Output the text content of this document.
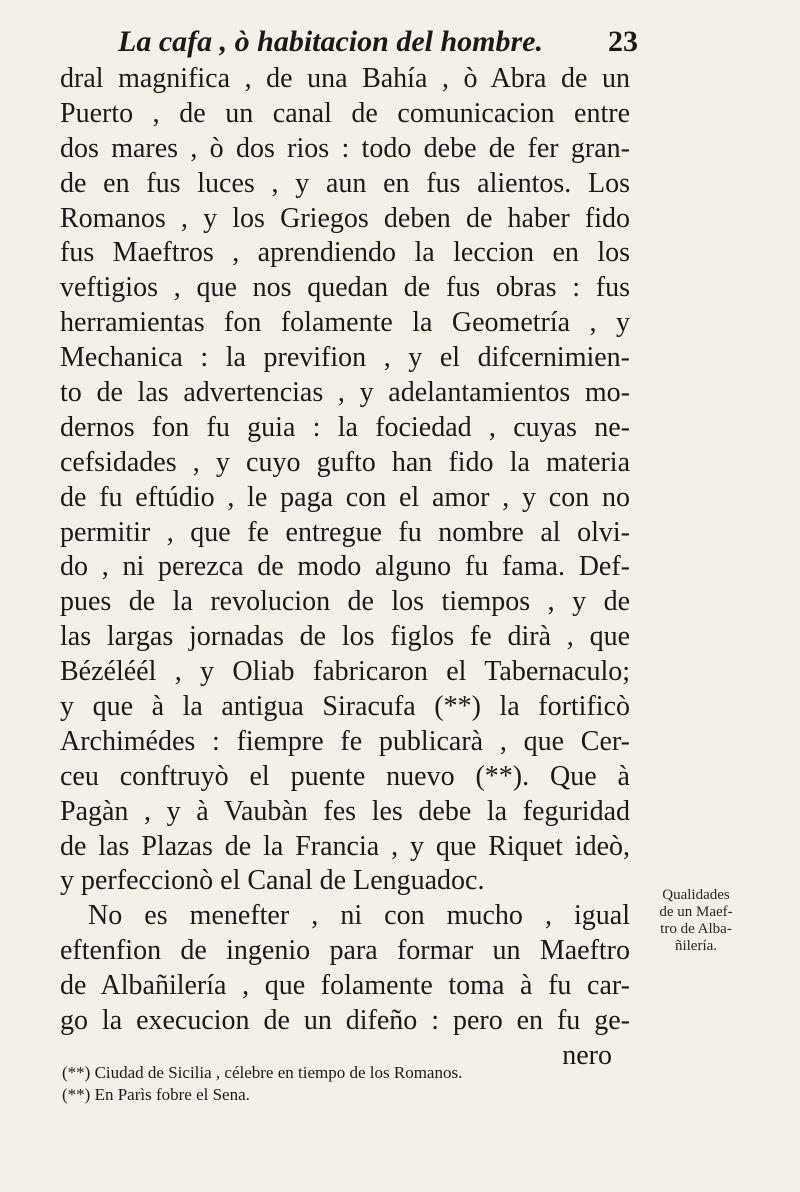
La cafa , ò habitacion del hombre. 23
dral magnifica , de una Bahía , ò Abra de un
Puerto , de un canal de comunicacion entre
dos mares , ò dos rios : todo debe de fer gran-
de en fus luces , y aun en fus alientos. Los
Romanos , y los Griegos deben de haber fido
fus Maeftros , aprendiendo la leccion en los
veftigios , que nos quedan de fus obras : fus
herramientas fon folamente la Geometría , y
Mechanica : la previfion , y el difcernimien-
to de las advertencias , y adelantamientos mo-
dernos fon fu guia : la fociedad , cuyas ne-
cefsidades , y cuyo gufto han fido la materia
de fu eftúdio , le paga con el amor , y con no
permitir , que fe entregue fu nombre al olvi-
do , ni perezca de modo alguno fu fama. Def-
pues de la revolucion de los tiempos , y de
las largas jornadas de los figlos fe dirà , que
Bézéléél , y Oliab fabricaron el Tabernaculo;
y que à la antigua Siracufa (**) la fortificò
Archimédes : fiempre fe publicarà , que Cer-
ceu conftruyò el puente nuevo (**). Que à
Pagàn , y à Vaubàn fes les debe la feguridad
de las Plazas de la Francia , y que Riquet ideò,
y perfeccionò el Canal de Lenguadoc.
No es menefter , ni con mucho , igual
eftenfion de ingenio para formar un Maeftro
de Albañilería , que folamente toma à fu car-
go la execucion de un difeño : pero en fu ge-
nero
Qualidades
de un Maef-
tro de Alba-
ñilería.
(**) Ciudad de Sicilia , célebre en tiempo de los Romanos.
(**) En Parìs fobre el Sena.
